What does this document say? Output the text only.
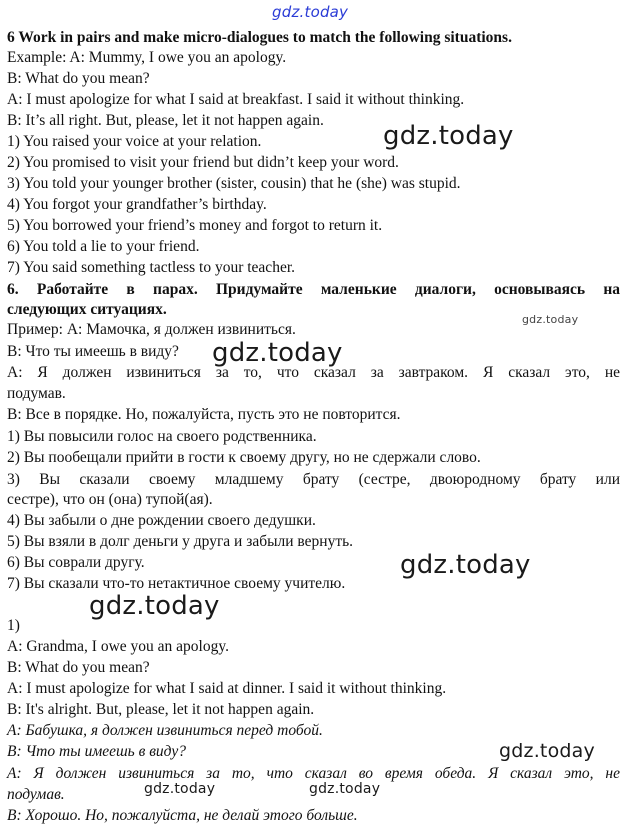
6 Work in pairs and make micro-dialogues to match the following situations.
Example: A: Mummy, I owe you an apology.
B: What do you mean?
A: I must apologize for what I said at breakfast. I said it without thinking.
B: It’s all right. But, please, let it not happen again.
1) You raised your voice at your relation.
2) You promised to visit your friend but didn’t keep your word.
3) You told your younger brother (sister, cousin) that he (she) was stupid.
4) You forgot your grandfather’s birthday.
5) You borrowed your friend’s money and forgot to return it.
6) You told a lie to your friend.
7) You said something tactless to your teacher.
6. Работайте в парах. Придумайте маленькие диалоги, основываясь на
следующих ситуациях.
Пример: А: Мамочка, я должен извиниться.
В: Что ты имеешь в виду?
А: Я должен извиниться за то, что сказал за завтраком. Я сказал это, не
подумав.
В: Все в порядке. Но, пожалуйста, пусть это не повторится.
1) Вы повысили голос на своего родственника.
2) Вы пообещали прийти в гости к своему другу, но не сдержали слово.
3) Вы сказали своему младшему брату (сестре, двоюродному брату или
сестре), что он (она) тупой(ая).
4) Вы забыли о дне рождении своего дедушки.
5) Вы взяли в долг деньги у друга и забыли вернуть.
6) Вы соврали другу.
7) Вы сказали что-то нетактичное своему учителю.
1)
A: Grandma, I owe you an apology.
B: What do you mean?
A: I must apologize for what I said at dinner. I said it without thinking.
B: It's alright. But, please, let it not happen again.
А: Бабушка, я должен извиниться перед тобой.
В: Что ты имеешь в виду?
А: Я должен извиниться за то, что сказал во время обеда. Я сказал это, не
подумав.
В: Хорошо. Но, пожалуйста, не делай этого больше.
gdz.today
gdz.today
gdz.today
gdz.today
gdz.today
gdz.today
gdz.today
gdz.today	gdz.today
